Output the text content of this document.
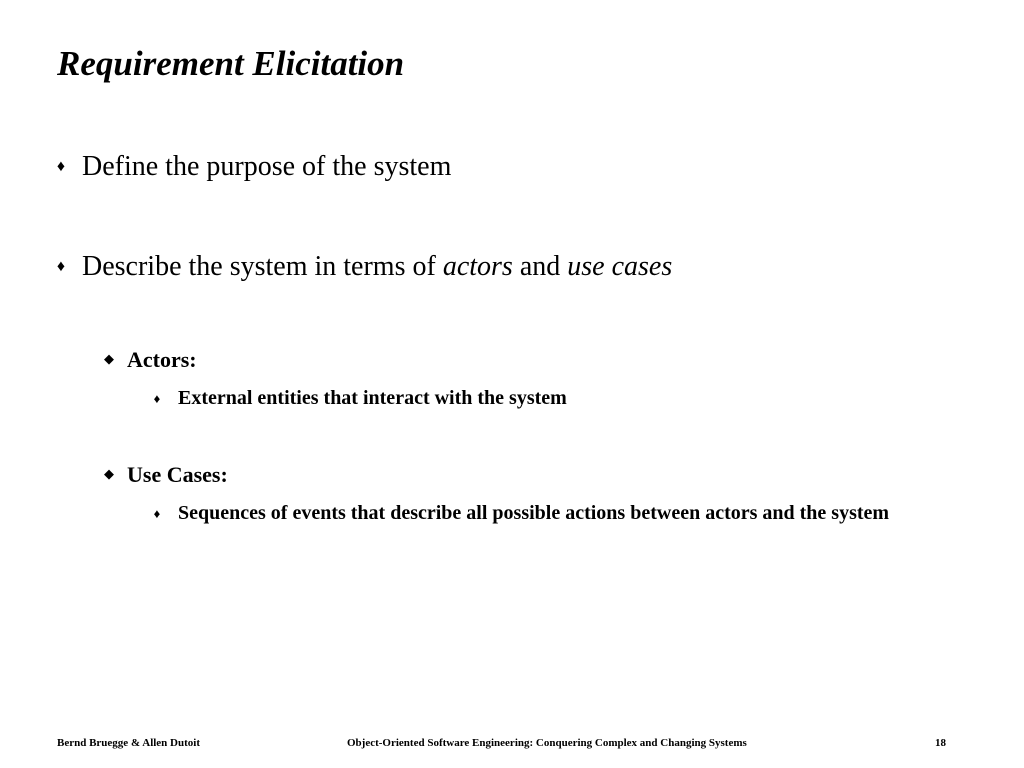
Requirement Elicitation
♦ Define the purpose of the system
♦ Describe the system in terms of actors and use cases
◆ Actors:
♦ External entities that interact with the system
◆ Use Cases:
♦ Sequences of events that describe all possible actions between actors and the system
Bernd Bruegge & Allen Dutoit	Object-Oriented Software Engineering: Conquering Complex and Changing Systems	18
